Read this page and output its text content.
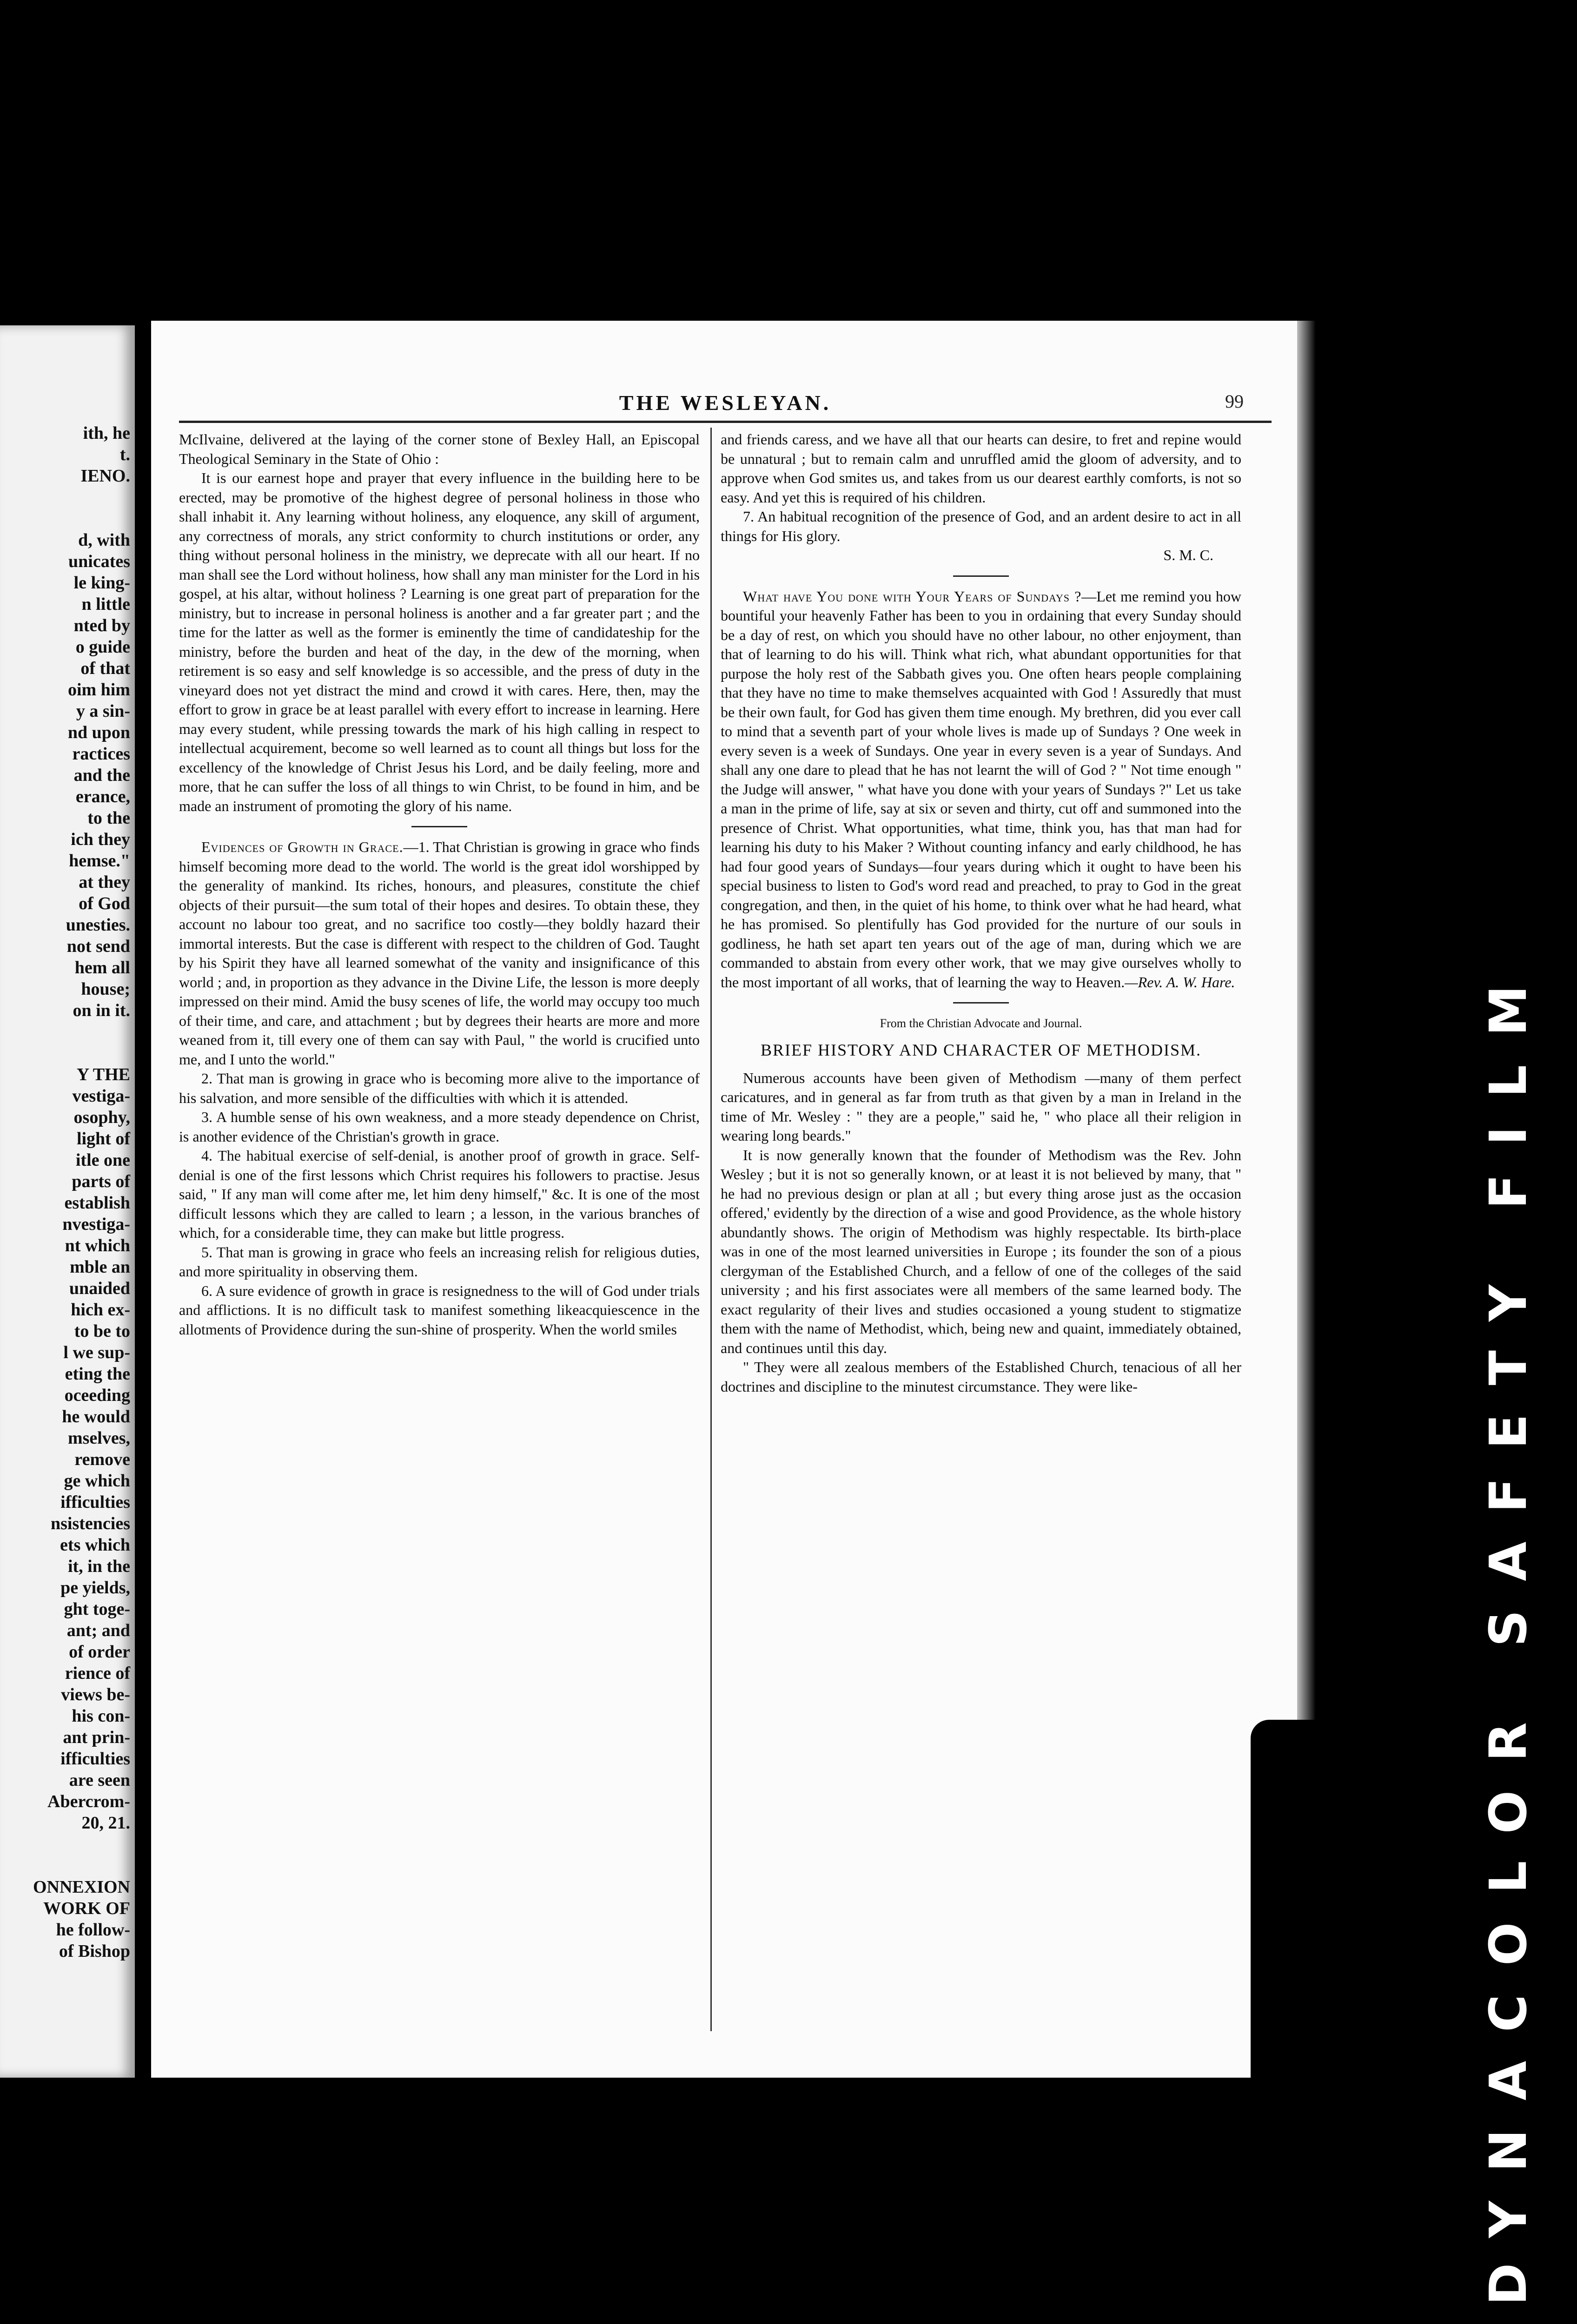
ith, he
t.
IENO.
d, with
unicates
le king-
n little
nted by
o guide
of that
oim him
y a sin-
nd upon
ractices
and the
erance,
to the
ich they
hemse."
at they
of God
unesties.
not send
hem all
house;
on in it.
Y THE
vestiga-
osophy,
light of
itle one
parts of
establish
nvestiga-
nt which
mble an
unaided
hich ex-
to be to
l we sup-
eting the
oceeding
he would
mselves,
remove
ge which
ifficulties
nsistencies
ets which
it, in the
pe yields,
ght toge-
ant; and
of order
rience of
views be-
his con-
ant prin-
ifficulties
are seen
Abercrom-
20, 21.
ONNEXION
WORK OF
he follow-
of Bishop
THE WESLEYAN.	99

McIlvaine, delivered at the laying of the corner stone of Bexley Hall, an Episcopal Theological Seminary in the State of Ohio :

It is our earnest hope and prayer that every influence in the building here to be erected, may be promotive of the highest degree of personal holiness in those who shall inhabit it. Any learning without holiness, any eloquence, any skill of argument, any correctness of morals, any strict conformity to church institutions or order, any thing without personal holiness in the ministry, we deprecate with all our heart. If no man shall see the Lord without holiness, how shall any man minister for the Lord in his gospel, at his altar, without holiness ? Learning is one great part of preparation for the ministry, but to increase in personal holiness is another and a far greater part ; and the time for the latter as well as the former is eminently the time of candidateship for the ministry, before the burden and heat of the day, in the dew of the morning, when retirement is so easy and self knowledge is so accessible, and the press of duty in the vineyard does not yet distract the mind and crowd it with cares. Here, then, may the effort to grow in grace be at least parallel with every effort to increase in learning. Here may every student, while pressing towards the mark of his high calling in respect to intellectual acquirement, become so well learned as to count all things but loss for the excellency of the knowledge of Christ Jesus his Lord, and be daily feeling, more and more, that he can suffer the loss of all things to win Christ, to be found in him, and be made an instrument of promoting the glory of his name.

Evidences of Growth in Grace.—1. That Christian is growing in grace who finds himself becoming more dead to the world. The world is the great idol worshipped by the generality of mankind. Its riches, honours, and pleasures, constitute the chief objects of their pursuit—the sum total of their hopes and desires. To obtain these, they account no labour too great, and no sacrifice too costly—they boldly hazard their immortal interests. But the case is different with respect to the children of God. Taught by his Spirit they have all learned somewhat of the vanity and insignificance of this world ; and, in proportion as they advance in the Divine Life, the lesson is more deeply impressed on their mind. Amid the busy scenes of life, the world may occupy too much of their time, and care, and attachment ; but by degrees their hearts are more and more weaned from it, till every one of them can say with Paul, " the world is crucified unto me, and I unto the world."

2. That man is growing in grace who is becoming more alive to the importance of his salvation, and more sensible of the difficulties with which it is attended.

3. A humble sense of his own weakness, and a more steady dependence on Christ, is another evidence of the Christian's growth in grace.

4. The habitual exercise of self-denial, is another proof of growth in grace. Self-denial is one of the first lessons which Christ requires his followers to practise. Jesus said, " If any man will come after me, let him deny himself," &c. It is one of the most difficult lessons which they are called to learn ; a lesson, in the various branches of which, for a considerable time, they can make but little progress.

5. That man is growing in grace who feels an increasing relish for religious duties, and more spirituality in observing them.

6. A sure evidence of growth in grace is resignedness to the will of God under trials and afflictions. It is no difficult task to manifest something likeacquiescence in the allotments of Providence during the sun-shine of prosperity. When the world smiles

and friends caress, and we have all that our hearts can desire, to fret and repine would be unnatural ; but to remain calm and unruffled amid the gloom of adversity, and to approve when God smites us, and takes from us our dearest earthly comforts, is not so easy. And yet this is required of his children.

7. An habitual recognition of the presence of God, and an ardent desire to act in all things for His glory.

S. M. C.

What have You done with Your Years of Sundays ?—Let me remind you how bountiful your heavenly Father has been to you in ordaining that every Sunday should be a day of rest, on which you should have no other labour, no other enjoyment, than that of learning to do his will. Think what rich, what abundant opportunities for that purpose the holy rest of the Sabbath gives you. One often hears people complaining that they have no time to make themselves acquainted with God ! Assuredly that must be their own fault, for God has given them time enough. My brethren, did you ever call to mind that a seventh part of your whole lives is made up of Sundays ? One week in every seven is a week of Sundays. One year in every seven is a year of Sundays. And shall any one dare to plead that he has not learnt the will of God ? " Not time enough " the Judge will answer, " what have you done with your years of Sundays ?" Let us take a man in the prime of life, say at six or seven and thirty, cut off and summoned into the presence of Christ. What opportunities, what time, think you, has that man had for learning his duty to his Maker ? Without counting infancy and early childhood, he has had four good years of Sundays—four years during which it ought to have been his special business to listen to God's word read and preached, to pray to God in the great congregation, and then, in the quiet of his home, to think over what he had heard, what he has promised. So plentifully has God provided for the nurture of our souls in godliness, he hath set apart ten years out of the age of man, during which we are commanded to abstain from every other work, that we may give ourselves wholly to the most important of all works, that of learning the way to Heaven.—Rev. A. W. Hare.

From the Christian Advocate and Journal.

BRIEF HISTORY AND CHARACTER OF METHODISM.

Numerous accounts have been given of Methodism —many of them perfect caricatures, and in general as far from truth as that given by a man in Ireland in the time of Mr. Wesley : " they are a people," said he, " who place all their religion in wearing long beards."

It is now generally known that the founder of Methodism was the Rev. John Wesley ; but it is not so generally known, or at least it is not believed by many, that " he had no previous design or plan at all ; but every thing arose just as the occasion offered,' evidently by the direction of a wise and good Providence, as the whole history abundantly shows. The origin of Methodism was highly respectable. Its birth-place was in one of the most learned universities in Europe ; its founder the son of a pious clergyman of the Established Church, and a fellow of one of the colleges of the said university ; and his first associates were all members of the same learned body. The exact regularity of their lives and studies occasioned a young student to stigmatize them with the name of Methodist, which, being new and quaint, immediately obtained, and continues until this day.

" They were all zealous members of the Established Church, tenacious of all her doctrines and discipline to the minutest circumstance. They were like-	DYNACOLOR SAFETY FILM
